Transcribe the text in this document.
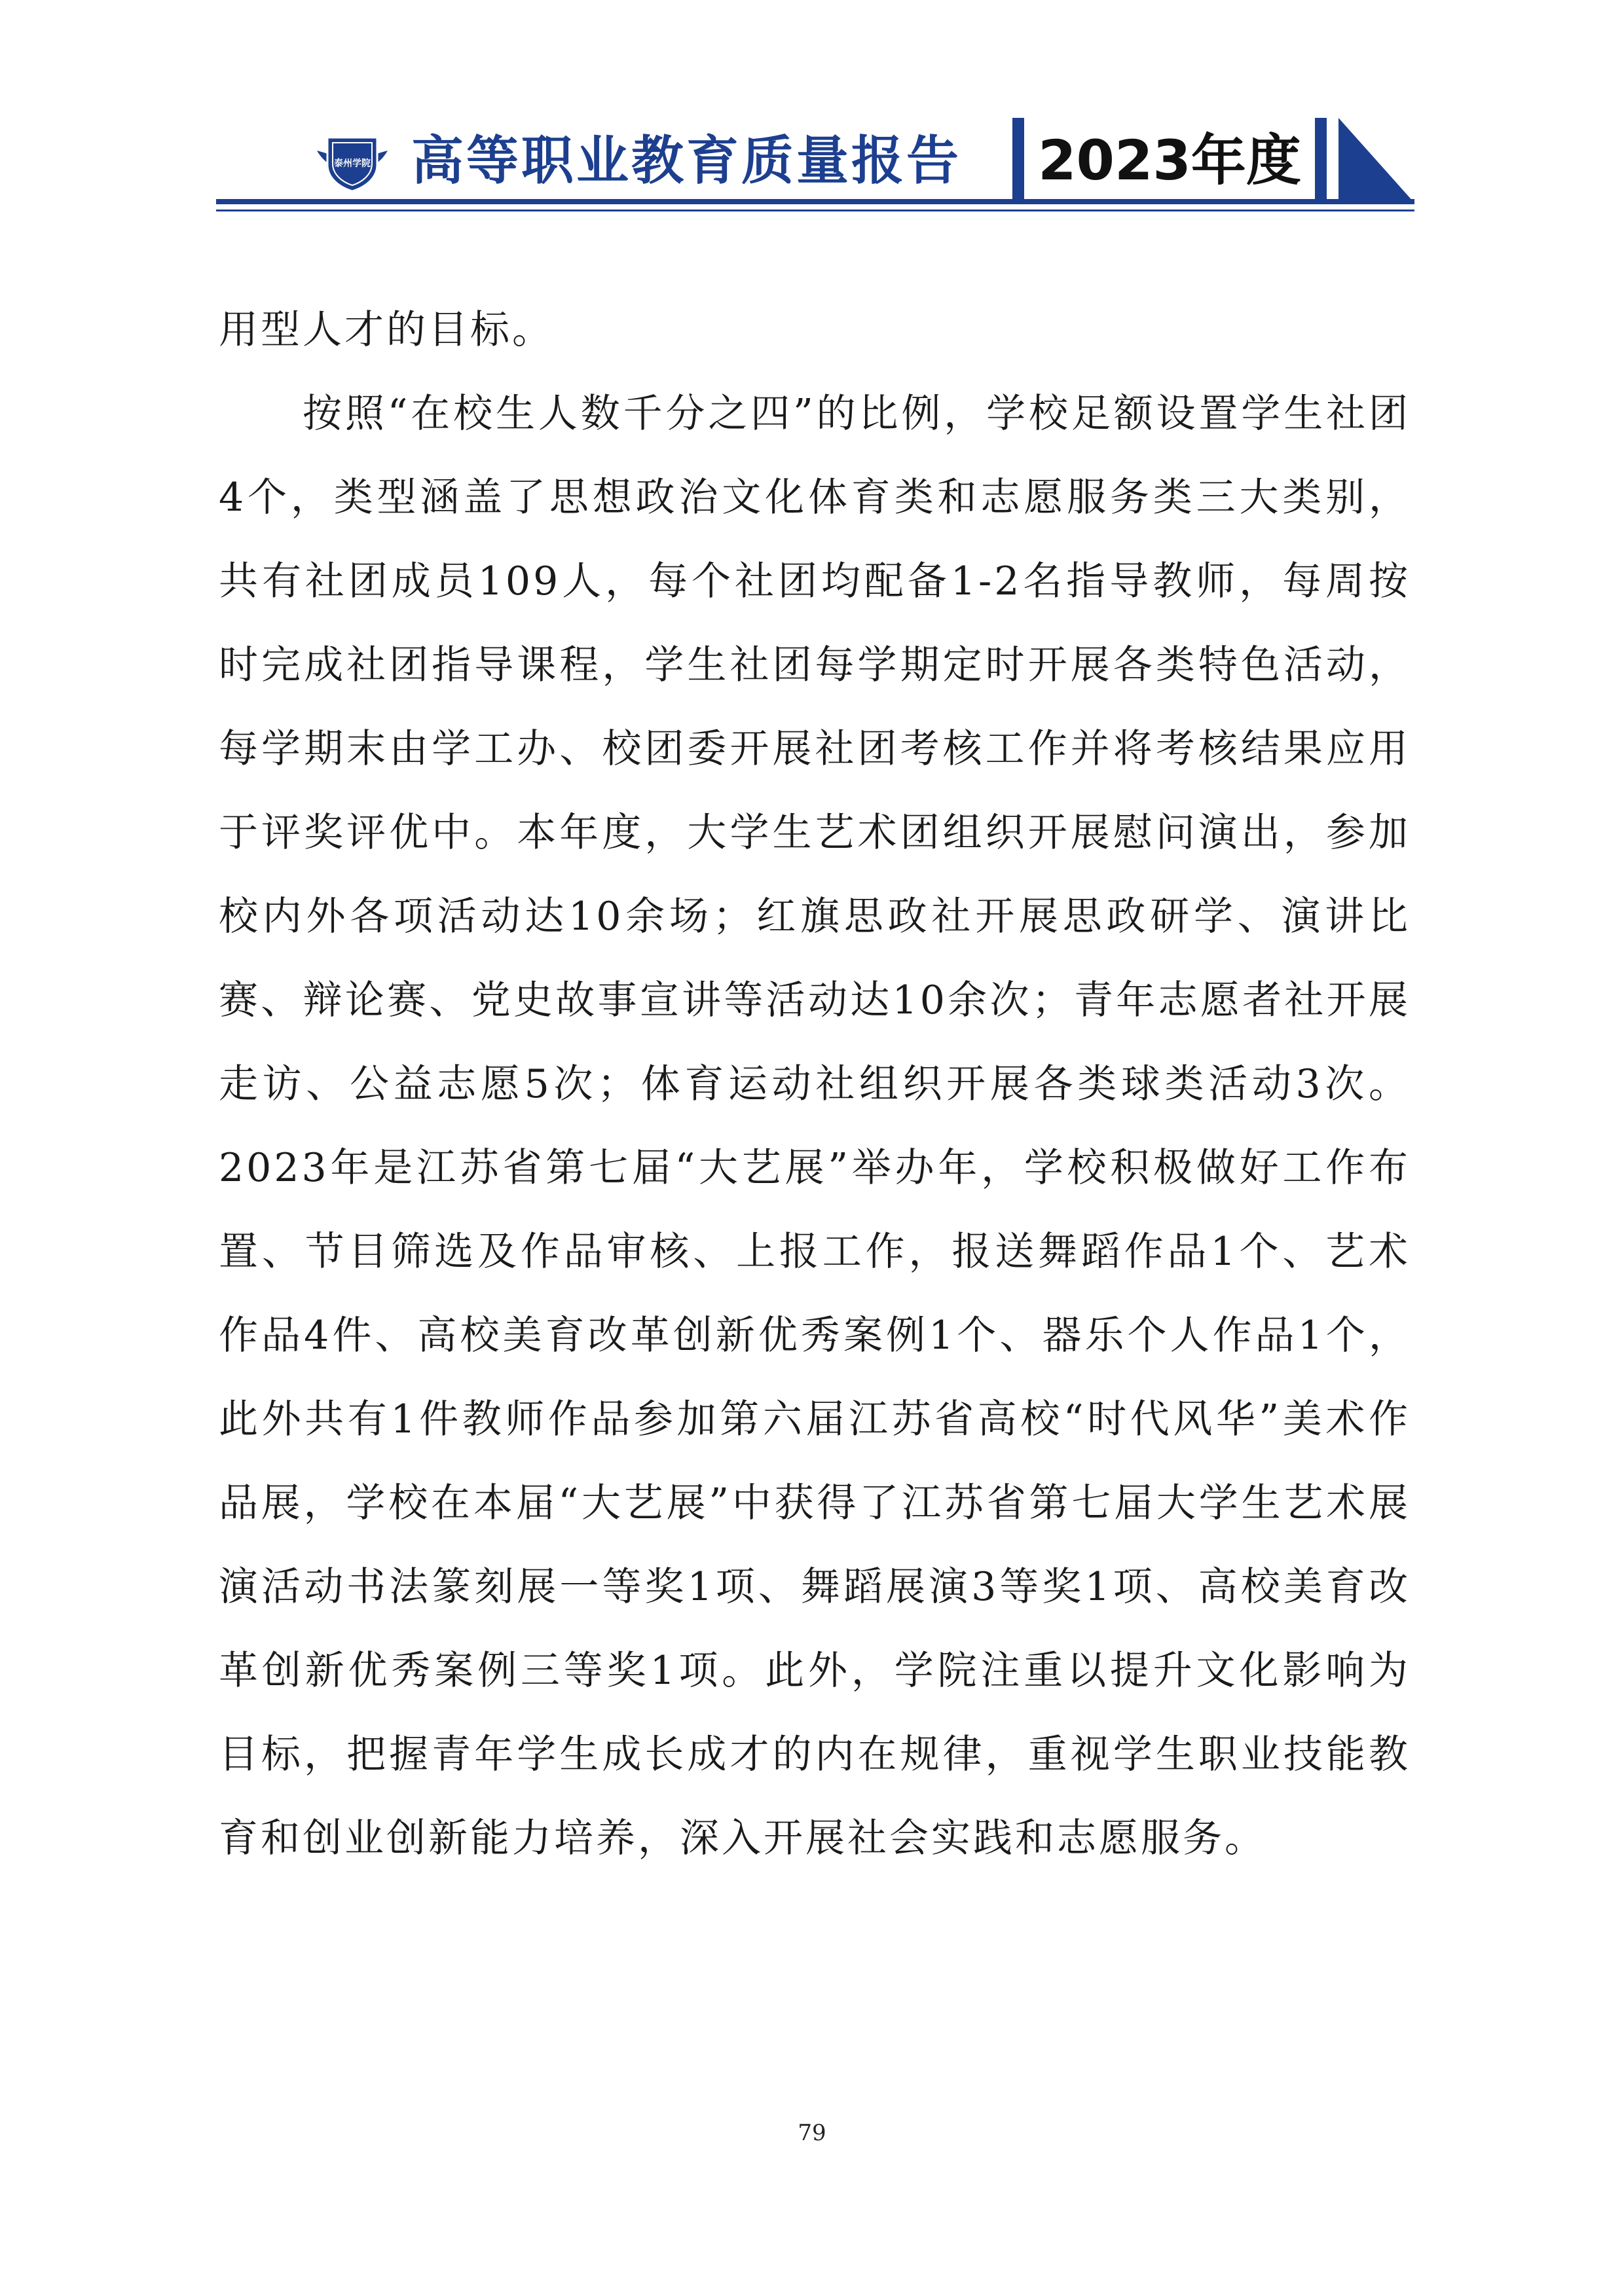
泰州学院 高等职业教育质量报告 2023年度

用型人才的目标。

按照“在校生人数千分之四”的比例，学校足额设置学生社团4个，类型涵盖了思想政治文化体育类和志愿服务类三大类别，共有社团成员109人，每个社团均配备1-2名指导教师，每周按时完成社团指导课程，学生社团每学期定时开展各类特色活动，每学期末由学工办、校团委开展社团考核工作并将考核结果应用于评奖评优中。本年度，大学生艺术团组织开展慰问演出，参加校内外各项活动达10余场；红旗思政社开展思政研学、演讲比赛、辩论赛、党史故事宣讲等活动达10余次；青年志愿者社开展走访、公益志愿5次；体育运动社组织开展各类球类活动3次。2023年是江苏省第七届“大艺展”举办年，学校积极做好工作布置、节目筛选及作品审核、上报工作，报送舞蹈作品1个、艺术作品4件、高校美育改革创新优秀案例1个、器乐个人作品1个，此外共有1件教师作品参加第六届江苏省高校“时代风华”美术作品展，学校在本届“大艺展”中获得了江苏省第七届大学生艺术展演活动书法篆刻展一等奖1项、舞蹈展演3等奖1项、高校美育改革创新优秀案例三等奖1项。此外，学院注重以提升文化影响为目标，把握青年学生成长成才的内在规律，重视学生职业技能教育和创业创新能力培养，深入开展社会实践和志愿服务。

79
